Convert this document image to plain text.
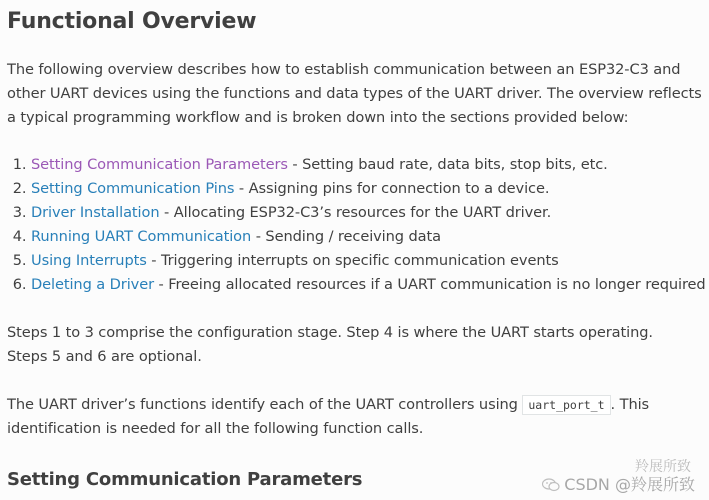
Functional Overview

The following overview describes how to establish communication between an ESP32-C3 and other UART devices using the functions and data types of the UART driver. The overview reflects a typical programming workflow and is broken down into the sections provided below:

1. Setting Communication Parameters - Setting baud rate, data bits, stop bits, etc.
2. Setting Communication Pins - Assigning pins for connection to a device.
3. Driver Installation - Allocating ESP32-C3’s resources for the UART driver.
4. Running UART Communication - Sending / receiving data
5. Using Interrupts - Triggering interrupts on specific communication events
6. Deleting a Driver - Freeing allocated resources if a UART communication is no longer required

Steps 1 to 3 comprise the configuration stage. Step 4 is where the UART starts operating. Steps 5 and 6 are optional.

The UART driver’s functions identify each of the UART controllers using uart_port_t . This identification is needed for all the following function calls.

Setting Communication Parameters
羚展所致
CSDN @羚展所致
